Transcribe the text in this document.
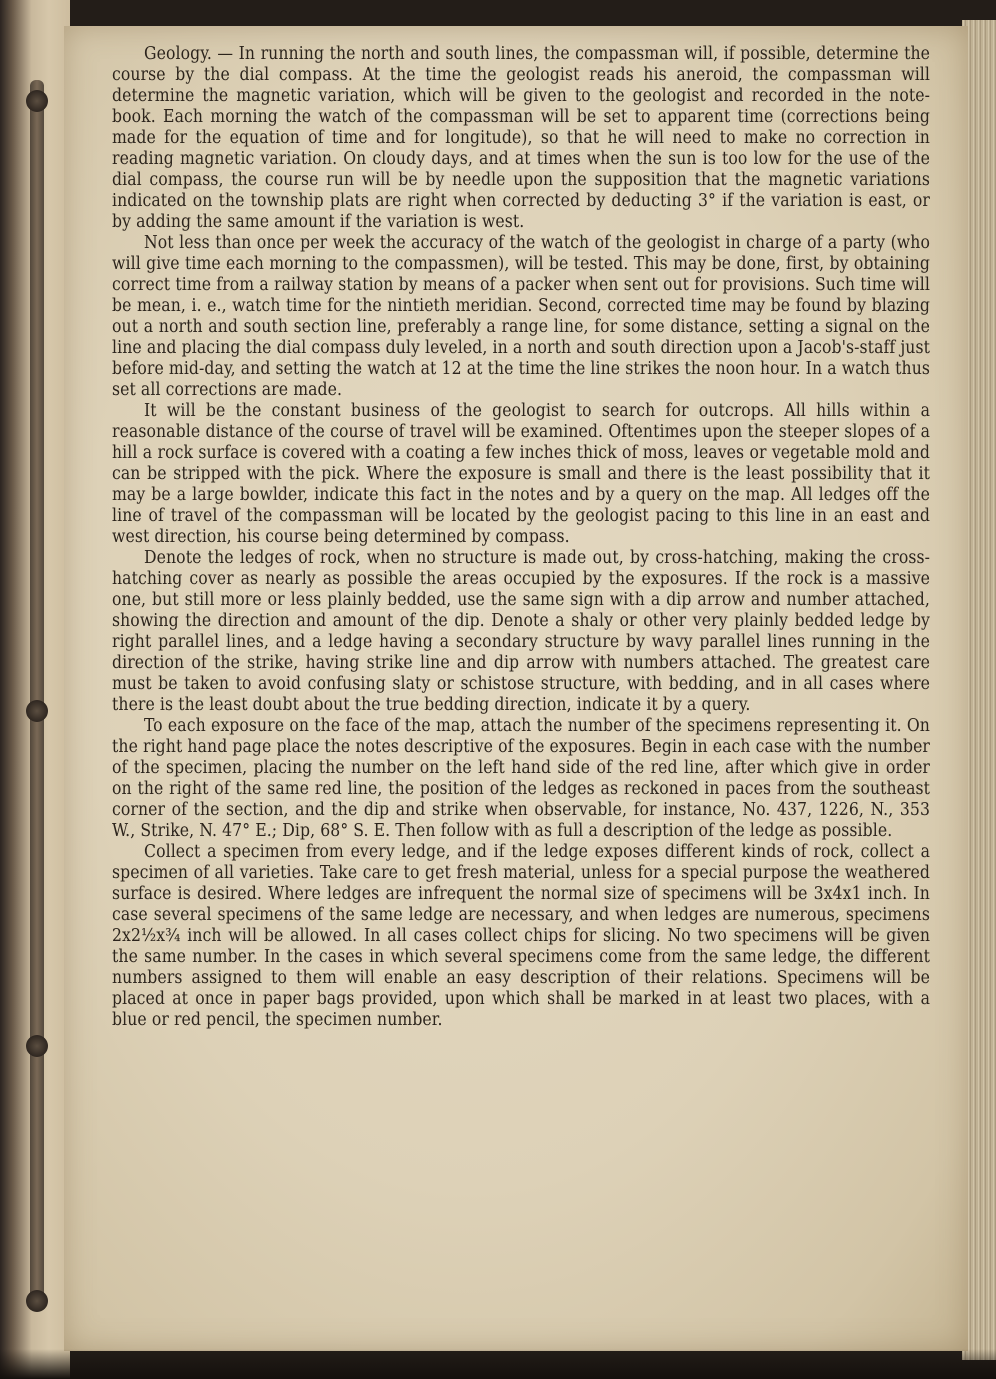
Geology. — In running the north and south lines, the compassman will, if possible, determine the course by the dial compass. At the time the geologist reads his aneroid, the compassman will determine the magnetic variation, which will be given to the geologist and recorded in the note-book. Each morning the watch of the compassman will be set to apparent time (corrections being made for the equation of time and for longitude), so that he will need to make no correction in reading magnetic variation. On cloudy days, and at times when the sun is too low for the use of the dial compass, the course run will be by needle upon the supposition that the magnetic variations indicated on the township plats are right when corrected by deducting 3° if the variation is east, or by adding the same amount if the variation is west.

Not less than once per week the accuracy of the watch of the geologist in charge of a party (who will give time each morning to the compassmen), will be tested. This may be done, first, by obtaining correct time from a railway station by means of a packer when sent out for provisions. Such time will be mean, i. e., watch time for the nintieth meridian. Second, corrected time may be found by blazing out a north and south section line, preferably a range line, for some distance, setting a signal on the line and placing the dial compass duly leveled, in a north and south direction upon a Jacob's-staff just before mid-day, and setting the watch at 12 at the time the line strikes the noon hour. In a watch thus set all corrections are made.

It will be the constant business of the geologist to search for outcrops. All hills within a reasonable distance of the course of travel will be examined. Oftentimes upon the steeper slopes of a hill a rock surface is covered with a coating a few inches thick of moss, leaves or vegetable mold and can be stripped with the pick. Where the exposure is small and there is the least possibility that it may be a large bowlder, indicate this fact in the notes and by a query on the map. All ledges off the line of travel of the compassman will be located by the geologist pacing to this line in an east and west direction, his course being determined by compass.

Denote the ledges of rock, when no structure is made out, by cross-hatching, making the cross-hatching cover as nearly as possible the areas occupied by the exposures. If the rock is a massive one, but still more or less plainly bedded, use the same sign with a dip arrow and number attached, showing the direction and amount of the dip. Denote a shaly or other very plainly bedded ledge by right parallel lines, and a ledge having a secondary structure by wavy parallel lines running in the direction of the strike, having strike line and dip arrow with numbers attached. The greatest care must be taken to avoid confusing slaty or schistose structure, with bedding, and in all cases where there is the least doubt about the true bedding direction, indicate it by a query.

To each exposure on the face of the map, attach the number of the specimens representing it. On the right hand page place the notes descriptive of the exposures. Begin in each case with the number of the specimen, placing the number on the left hand side of the red line, after which give in order on the right of the same red line, the position of the ledges as reckoned in paces from the southeast corner of the section, and the dip and strike when observable, for instance, No. 437, 1226, N., 353 W., Strike, N. 47° E.; Dip, 68° S. E. Then follow with as full a description of the ledge as possible.

Collect a specimen from every ledge, and if the ledge exposes different kinds of rock, collect a specimen of all varieties. Take care to get fresh material, unless for a special purpose the weathered surface is desired. Where ledges are infrequent the normal size of specimens will be 3x4x1 inch. In case several specimens of the same ledge are necessary, and when ledges are numerous, specimens 2x2½x¾ inch will be allowed. In all cases collect chips for slicing. No two specimens will be given the same number. In the cases in which several specimens come from the same ledge, the different numbers assigned to them will enable an easy description of their relations. Specimens will be placed at once in paper bags provided, upon which shall be marked in at least two places, with a blue or red pencil, the specimen number.
